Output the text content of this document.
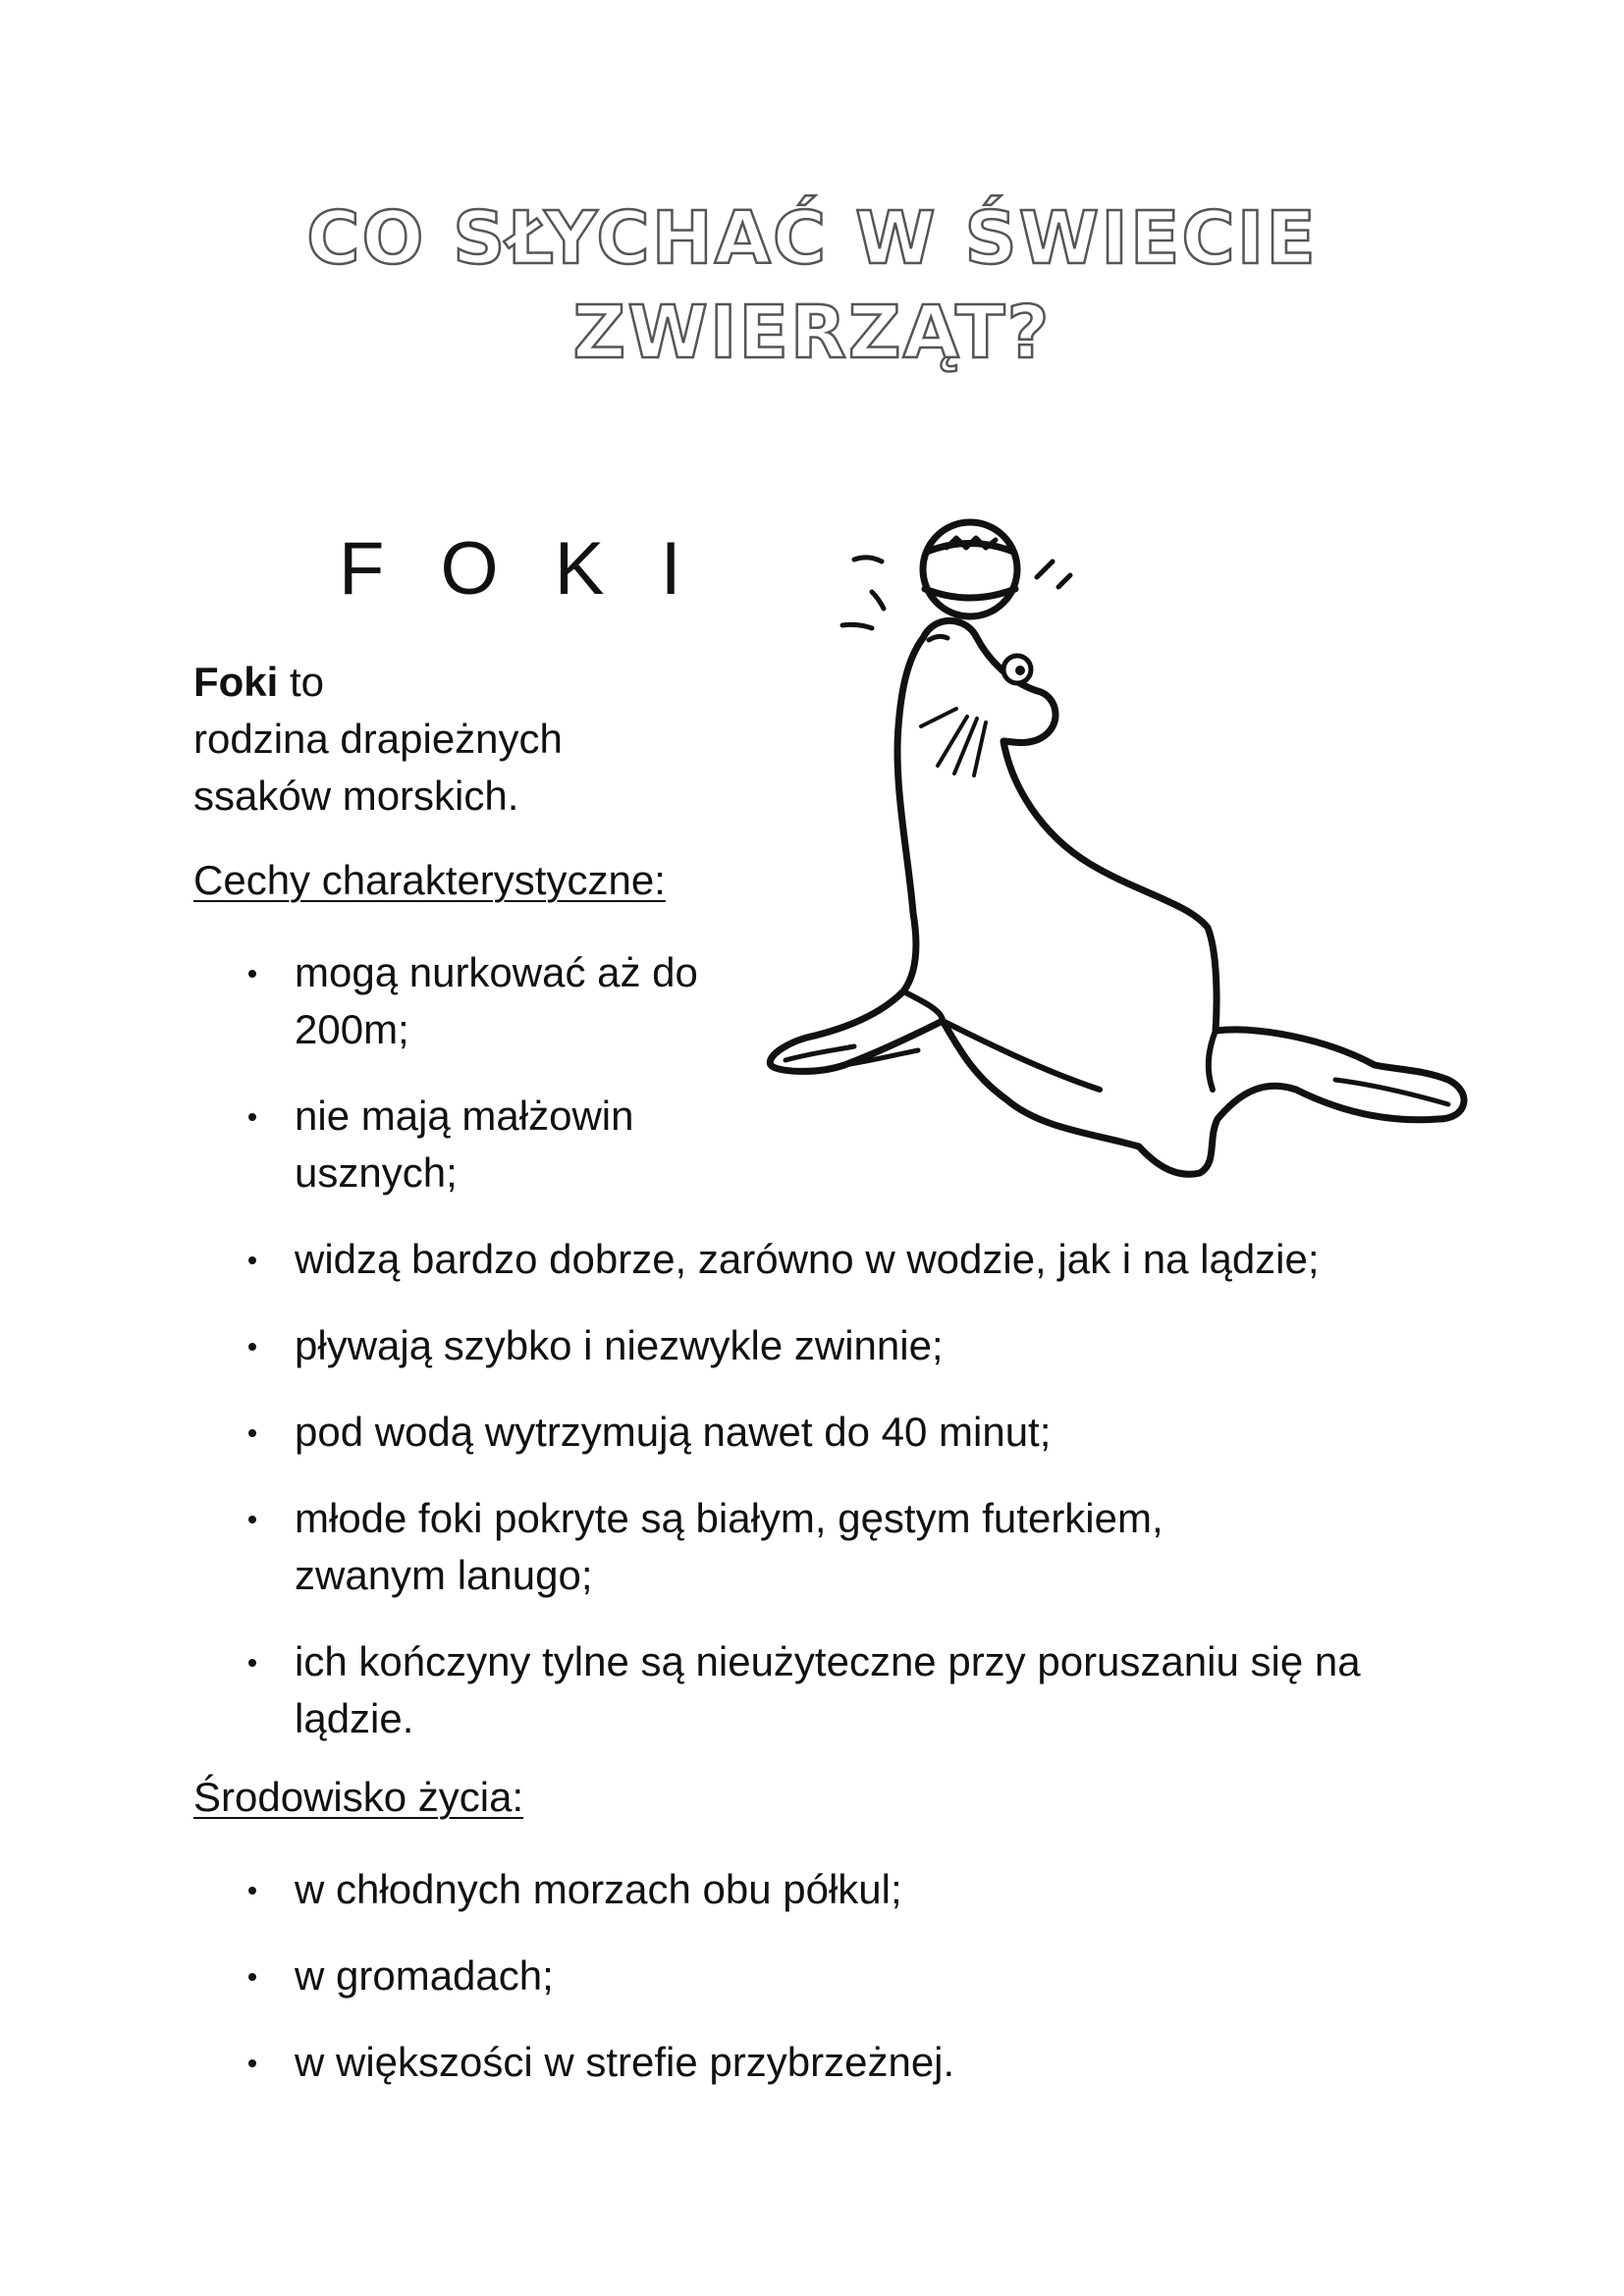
CO SŁYCHAĆ W ŚWIECIE
ZWIERZĄT?
F O K I
Foki to
rodzina drapieżnych
ssaków morskich.
Cechy charakterystyczne:
mogą nurkować aż do
200m;
nie mają małżowin
usznych;
widzą bardzo dobrze, zarówno w wodzie, jak i na lądzie;
pływają szybko i niezwykle zwinnie;
pod wodą wytrzymują nawet do 40 minut;
młode foki pokryte są białym, gęstym futerkiem,
zwanym lanugo;
ich kończyny tylne są nieużyteczne przy poruszaniu się na
lądzie.
Środowisko życia:
w chłodnych morzach obu półkul;
w gromadach;
w większości w strefie przybrzeżnej.
